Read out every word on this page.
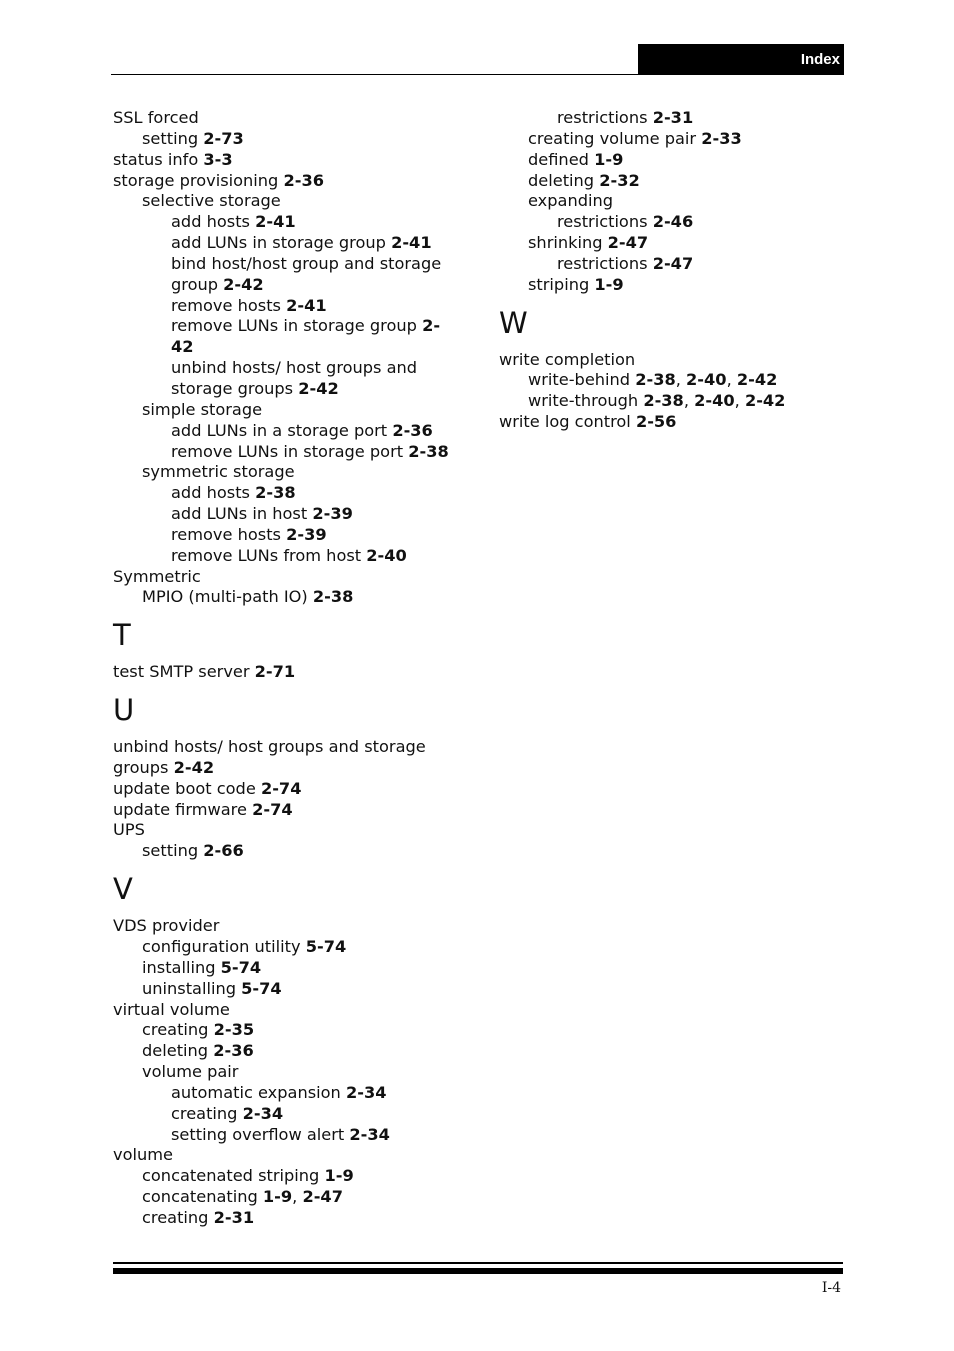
Index
SSL forced
setting 2-73
status info 3-3
storage provisioning 2-36
selective storage
add hosts 2-41
add LUNs in storage group 2-41
bind host/host group and storage
group 2-42
remove hosts 2-41
remove LUNs in storage group 2-
42
unbind hosts/ host groups and
storage groups 2-42
simple storage
add LUNs in a storage port 2-36
remove LUNs in storage port 2-38
symmetric storage
add hosts 2-38
add LUNs in host 2-39
remove hosts 2-39
remove LUNs from host 2-40
Symmetric
MPIO (multi-path IO) 2-38
T
test SMTP server 2-71
U
unbind hosts/ host groups and storage
groups 2-42
update boot code 2-74
update firmware 2-74
UPS
setting 2-66
V
VDS provider
configuration utility 5-74
installing 5-74
uninstalling 5-74
virtual volume
creating 2-35
deleting 2-36
volume pair
automatic expansion 2-34
creating 2-34
setting overflow alert 2-34
volume
concatenated striping 1-9
concatenating 1-9, 2-47
creating 2-31
restrictions 2-31
creating volume pair 2-33
defined 1-9
deleting 2-32
expanding
restrictions 2-46
shrinking 2-47
restrictions 2-47
striping 1-9
W
write completion
write-behind 2-38, 2-40, 2-42
write-through 2-38, 2-40, 2-42
write log control 2-56
I-4
